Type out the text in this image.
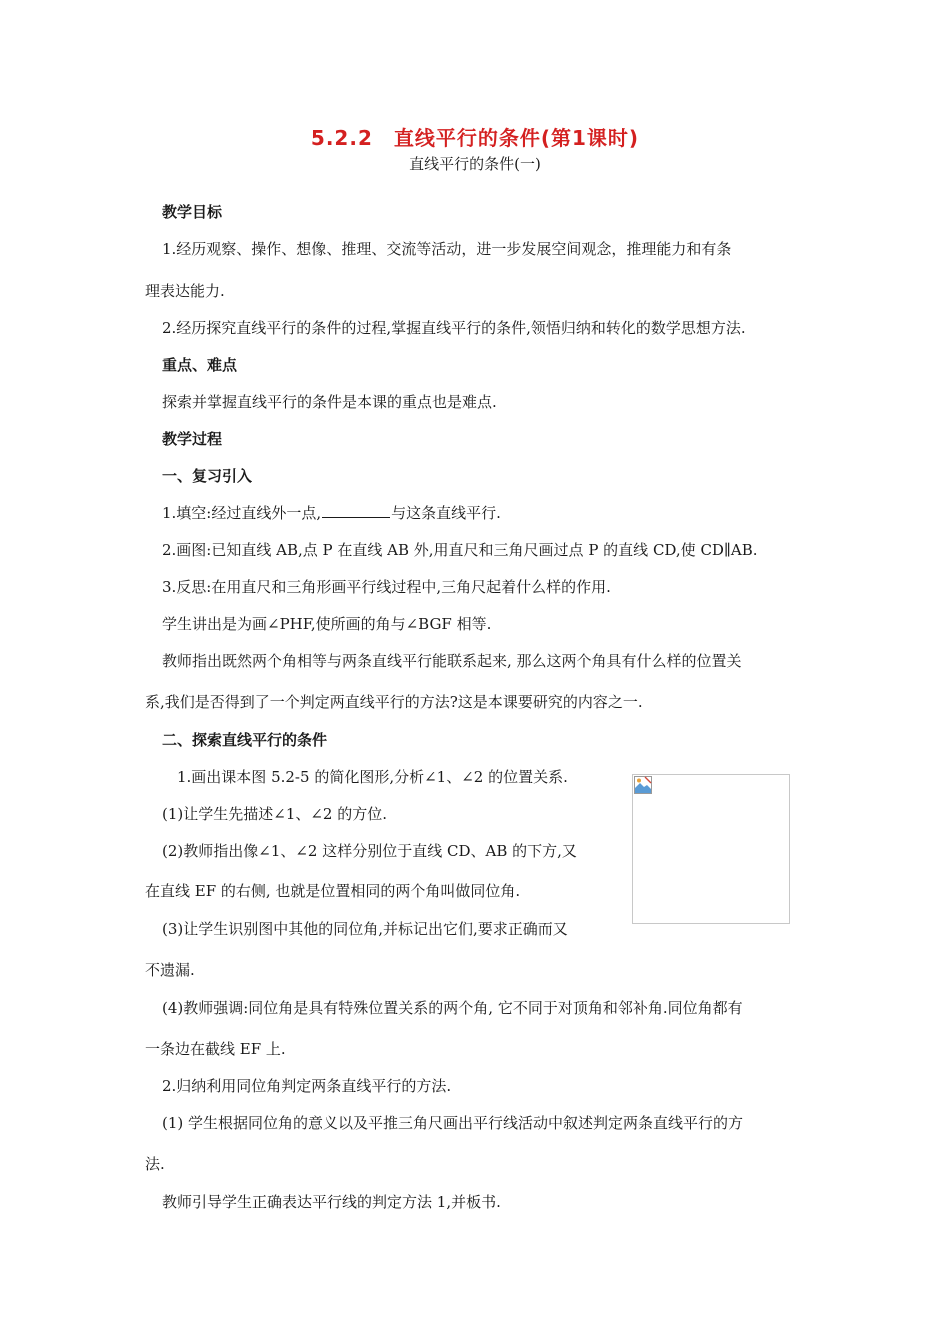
5.2.2　直线平行的条件(第1课时)
直线平行的条件(一)
教学目标
1.经历观察、操作、想像、推理、交流等活动，进一步发展空间观念，推理能力和有条
理表达能力.
2.经历探究直线平行的条件的过程,掌握直线平行的条件,领悟归纳和转化的数学思想方法.
重点、难点
探索并掌握直线平行的条件是本课的重点也是难点.
教学过程
一、复习引入
1.填空:经过直线外一点,	与这条直线平行.
2.画图:已知直线 AB,点 P 在直线 AB 外,用直尺和三角尺画过点 P 的直线 CD,使 CD∥AB.
3.反思:在用直尺和三角形画平行线过程中,三角尺起着什么样的作用.
学生讲出是为画∠PHF,使所画的角与∠BGF 相等.
教师指出既然两个角相等与两条直线平行能联系起来, 那么这两个角具有什么样的位置关
系,我们是否得到了一个判定两直线平行的方法?这是本课要研究的内容之一.
二、探索直线平行的条件
1.画出课本图 5.2-5 的简化图形,分析∠1、∠2 的位置关系.
(1)让学生先描述∠1、∠2 的方位.
(2)教师指出像∠1、∠2 这样分别位于直线 CD、AB 的下方,又
在直线 EF 的右侧, 也就是位置相同的两个角叫做同位角.
(3)让学生识别图中其他的同位角,并标记出它们,要求正确而又
不遗漏.
(4)教师强调:同位角是具有特殊位置关系的两个角, 它不同于对顶角和邻补角.同位角都有
一条边在截线 EF 上.
2.归纳利用同位角判定两条直线平行的方法.
(1) 学生根据同位角的意义以及平推三角尺画出平行线活动中叙述判定两条直线平行的方
法.
教师引导学生正确表达平行线的判定方法 1,并板书.
